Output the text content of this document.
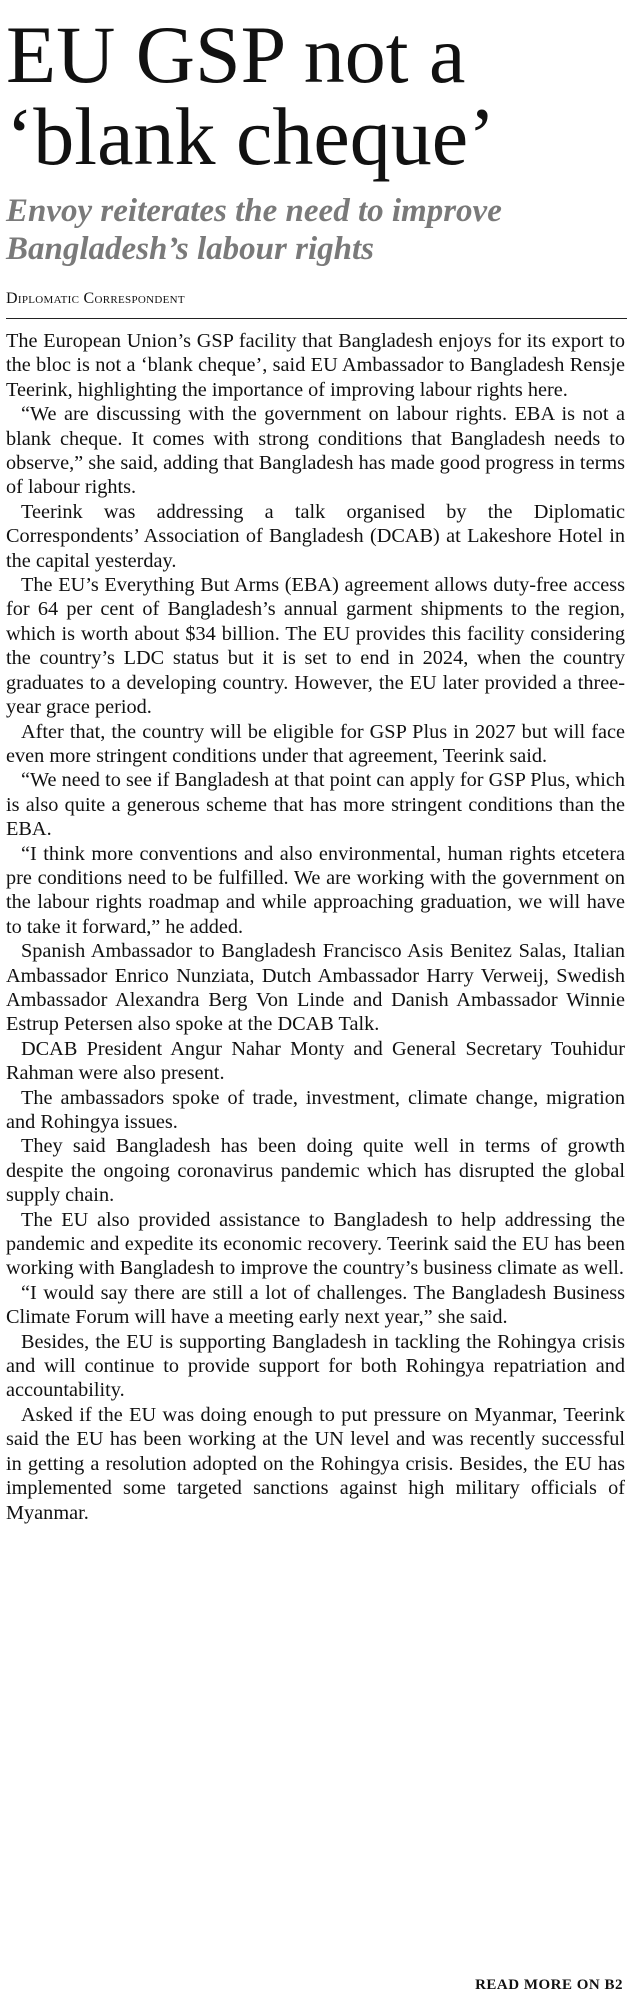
EU GSP not a
‘blank cheque’
Envoy reiterates the need to improve
Bangladesh’s labour rights
Diplomatic Correspondent

The European Union’s GSP facility that Bangladesh enjoys for its export to the bloc is not a ‘blank cheque’, said EU Ambassador to Bangladesh Rensje Teerink, highlighting the importance of improving labour rights here.

“We are discussing with the government on labour rights. EBA is not a blank cheque. It comes with strong conditions that Bangladesh needs to observe,” she said, adding that Bangladesh has made good progress in terms of labour rights.

Teerink was addressing a talk organised by the Diplomatic Correspondents’ Association of Bangladesh (DCAB) at Lakeshore Hotel in the capital yesterday.

The EU’s Everything But Arms (EBA) agreement allows duty-free access for 64 per cent of Bangladesh’s annual garment shipments to the region, which is worth about $34 billion. The EU provides this facility considering the country’s LDC status but it is set to end in 2024, when the country graduates to a developing country. However, the EU later provided a three-year grace period.

After that, the country will be eligible for GSP Plus in 2027 but will face even more stringent conditions under that agreement, Teerink said.

“We need to see if Bangladesh at that point can apply for GSP Plus, which is also quite a generous scheme that has more stringent conditions than the EBA.

“I think more conventions and also environmental, human rights etcetera pre conditions need to be fulfilled. We are working with the government on the labour rights roadmap and while approaching graduation, we will have to take it forward,” he added.

Spanish Ambassador to Bangladesh Francisco Asis Benitez Salas, Italian Ambassador Enrico Nunziata, Dutch Ambassador Harry Verweij, Swedish Ambassador Alexandra Berg Von Linde and Danish Ambassador Winnie Estrup Petersen also spoke at the DCAB Talk.

DCAB President Angur Nahar Monty and General Secretary Touhidur Rahman were also present.

The ambassadors spoke of trade, investment, climate change, migration and Rohingya issues.

They said Bangladesh has been doing quite well in terms of growth despite the ongoing coronavirus pandemic which has disrupted the global supply chain.

The EU also provided assistance to Bangladesh to help addressing the pandemic and expedite its economic recovery. Teerink said the EU has been working with Bangladesh to improve the country’s business climate as well.

“I would say there are still a lot of challenges. The Bangladesh Business Climate Forum will have a meeting early next year,” she said.

Besides, the EU is supporting Bangladesh in tackling the Rohingya crisis and will continue to provide support for both Rohingya repatriation and accountability.

Asked if the EU was doing enough to put pressure on Myanmar, Teerink said the EU has been working at the UN level and was recently successful in getting a resolution adopted on the Rohingya crisis. Besides, the EU has implemented some targeted sanctions against high military officials of Myanmar.

READ MORE ON B2
